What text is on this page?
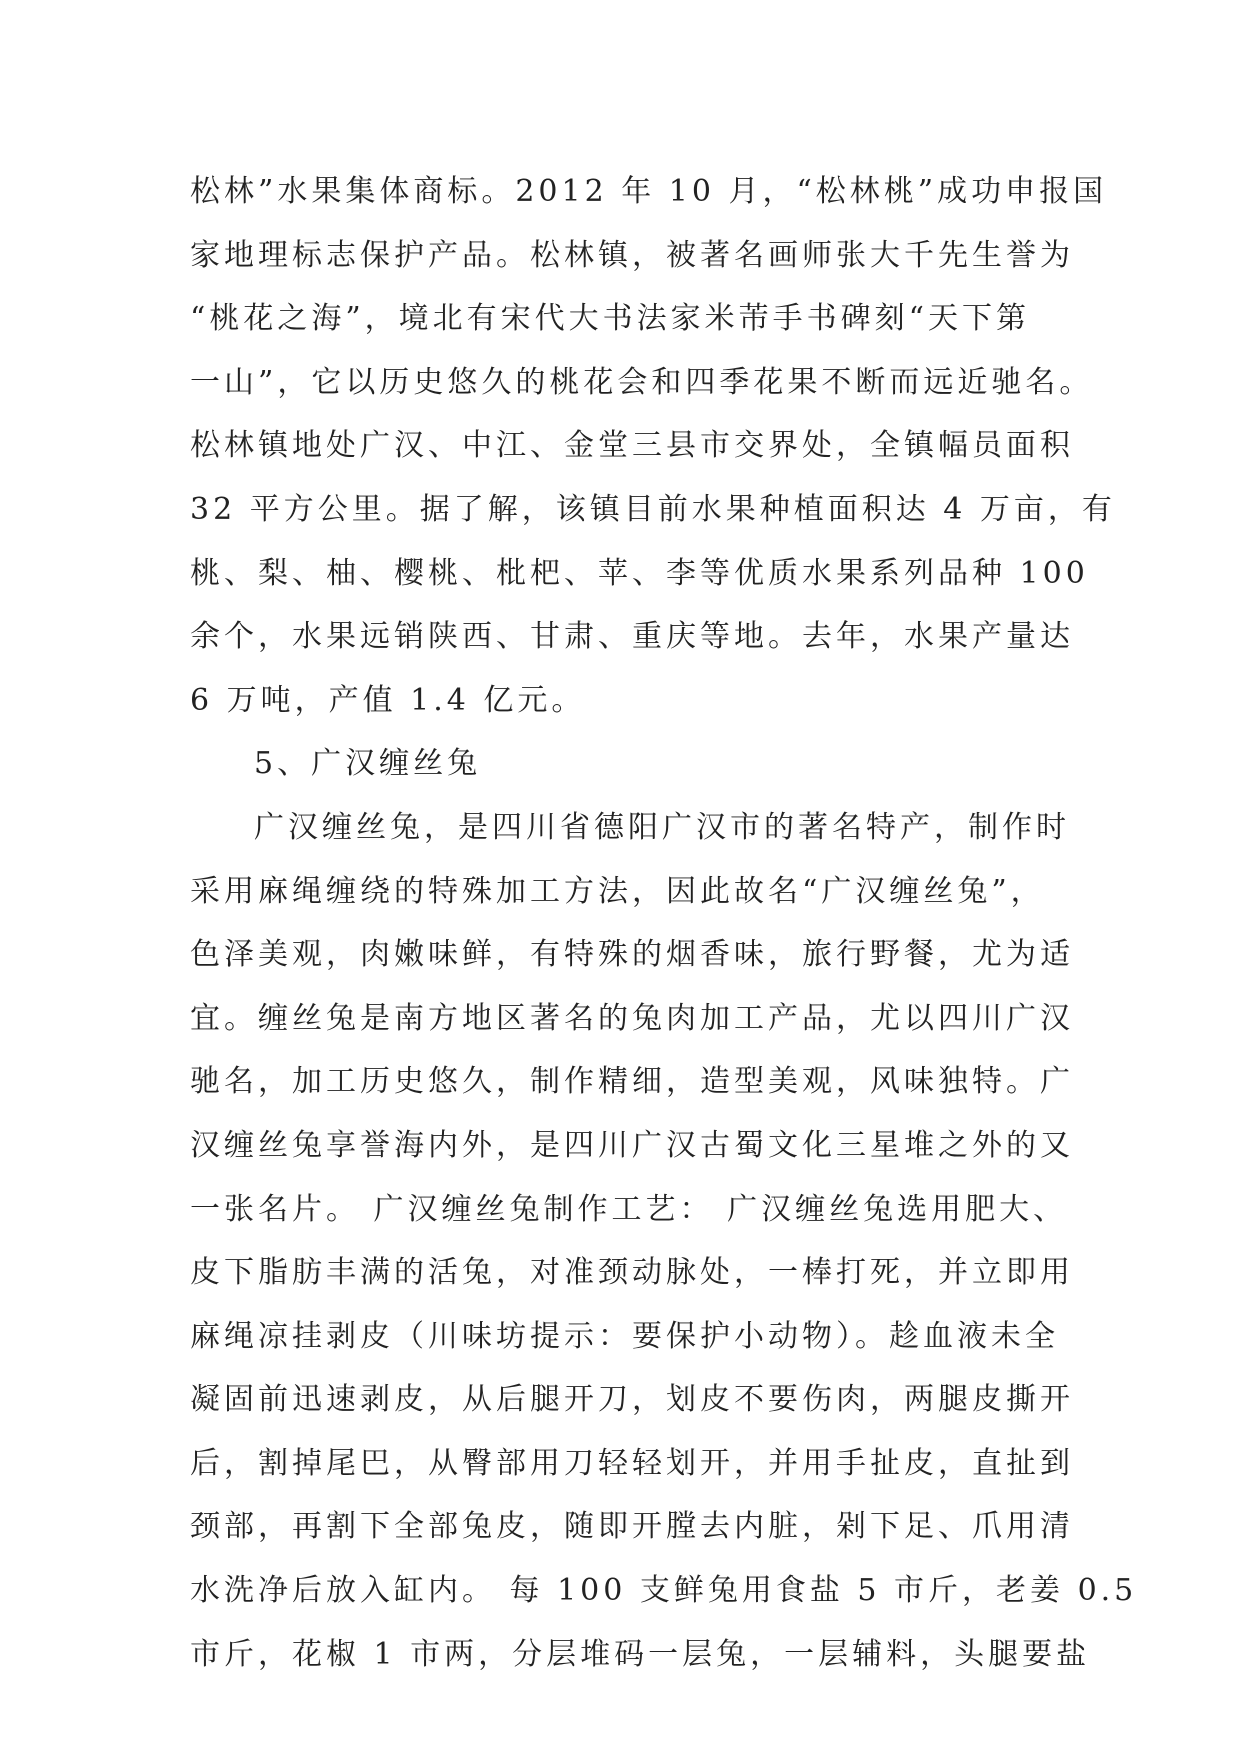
松林”水果集体商标。2012 年 10 月，“松林桃”成功申报国
家地理标志保护产品。松林镇，被著名画师张大千先生誉为
“桃花之海”，境北有宋代大书法家米芾手书碑刻“天下第
一山”，它以历史悠久的桃花会和四季花果不断而远近驰名。
松林镇地处广汉、中江、金堂三县市交界处，全镇幅员面积
32 平方公里。据了解，该镇目前水果种植面积达 4 万亩，有
桃、梨、柚、樱桃、枇杷、苹、李等优质水果系列品种 100
余个，水果远销陕西、甘肃、重庆等地。去年，水果产量达
6 万吨，产值 1.4 亿元。
5、广汉缠丝兔
广汉缠丝兔，是四川省德阳广汉市的著名特产，制作时
采用麻绳缠绕的特殊加工方法，因此故名“广汉缠丝兔”，
色泽美观，肉嫩味鲜，有特殊的烟香味，旅行野餐，尤为适
宜。缠丝兔是南方地区著名的兔肉加工产品，尤以四川广汉
驰名，加工历史悠久，制作精细，造型美观，风味独特。广
汉缠丝兔享誉海内外，是四川广汉古蜀文化三星堆之外的又
一张名片。 广汉缠丝兔制作工艺： 广汉缠丝兔选用肥大、
皮下脂肪丰满的活兔，对准颈动脉处，一棒打死，并立即用
麻绳凉挂剥皮（川味坊提示：要保护小动物）。趁血液未全
凝固前迅速剥皮，从后腿开刀，划皮不要伤肉，两腿皮撕开
后，割掉尾巴，从臀部用刀轻轻划开，并用手扯皮，直扯到
颈部，再割下全部兔皮，随即开膛去内脏，剁下足、爪用清
水洗净后放入缸内。 每 100 支鲜兔用食盐 5 市斤，老姜 0.5
市斤，花椒 1 市两，分层堆码一层兔，一层辅料，头腿要盐
